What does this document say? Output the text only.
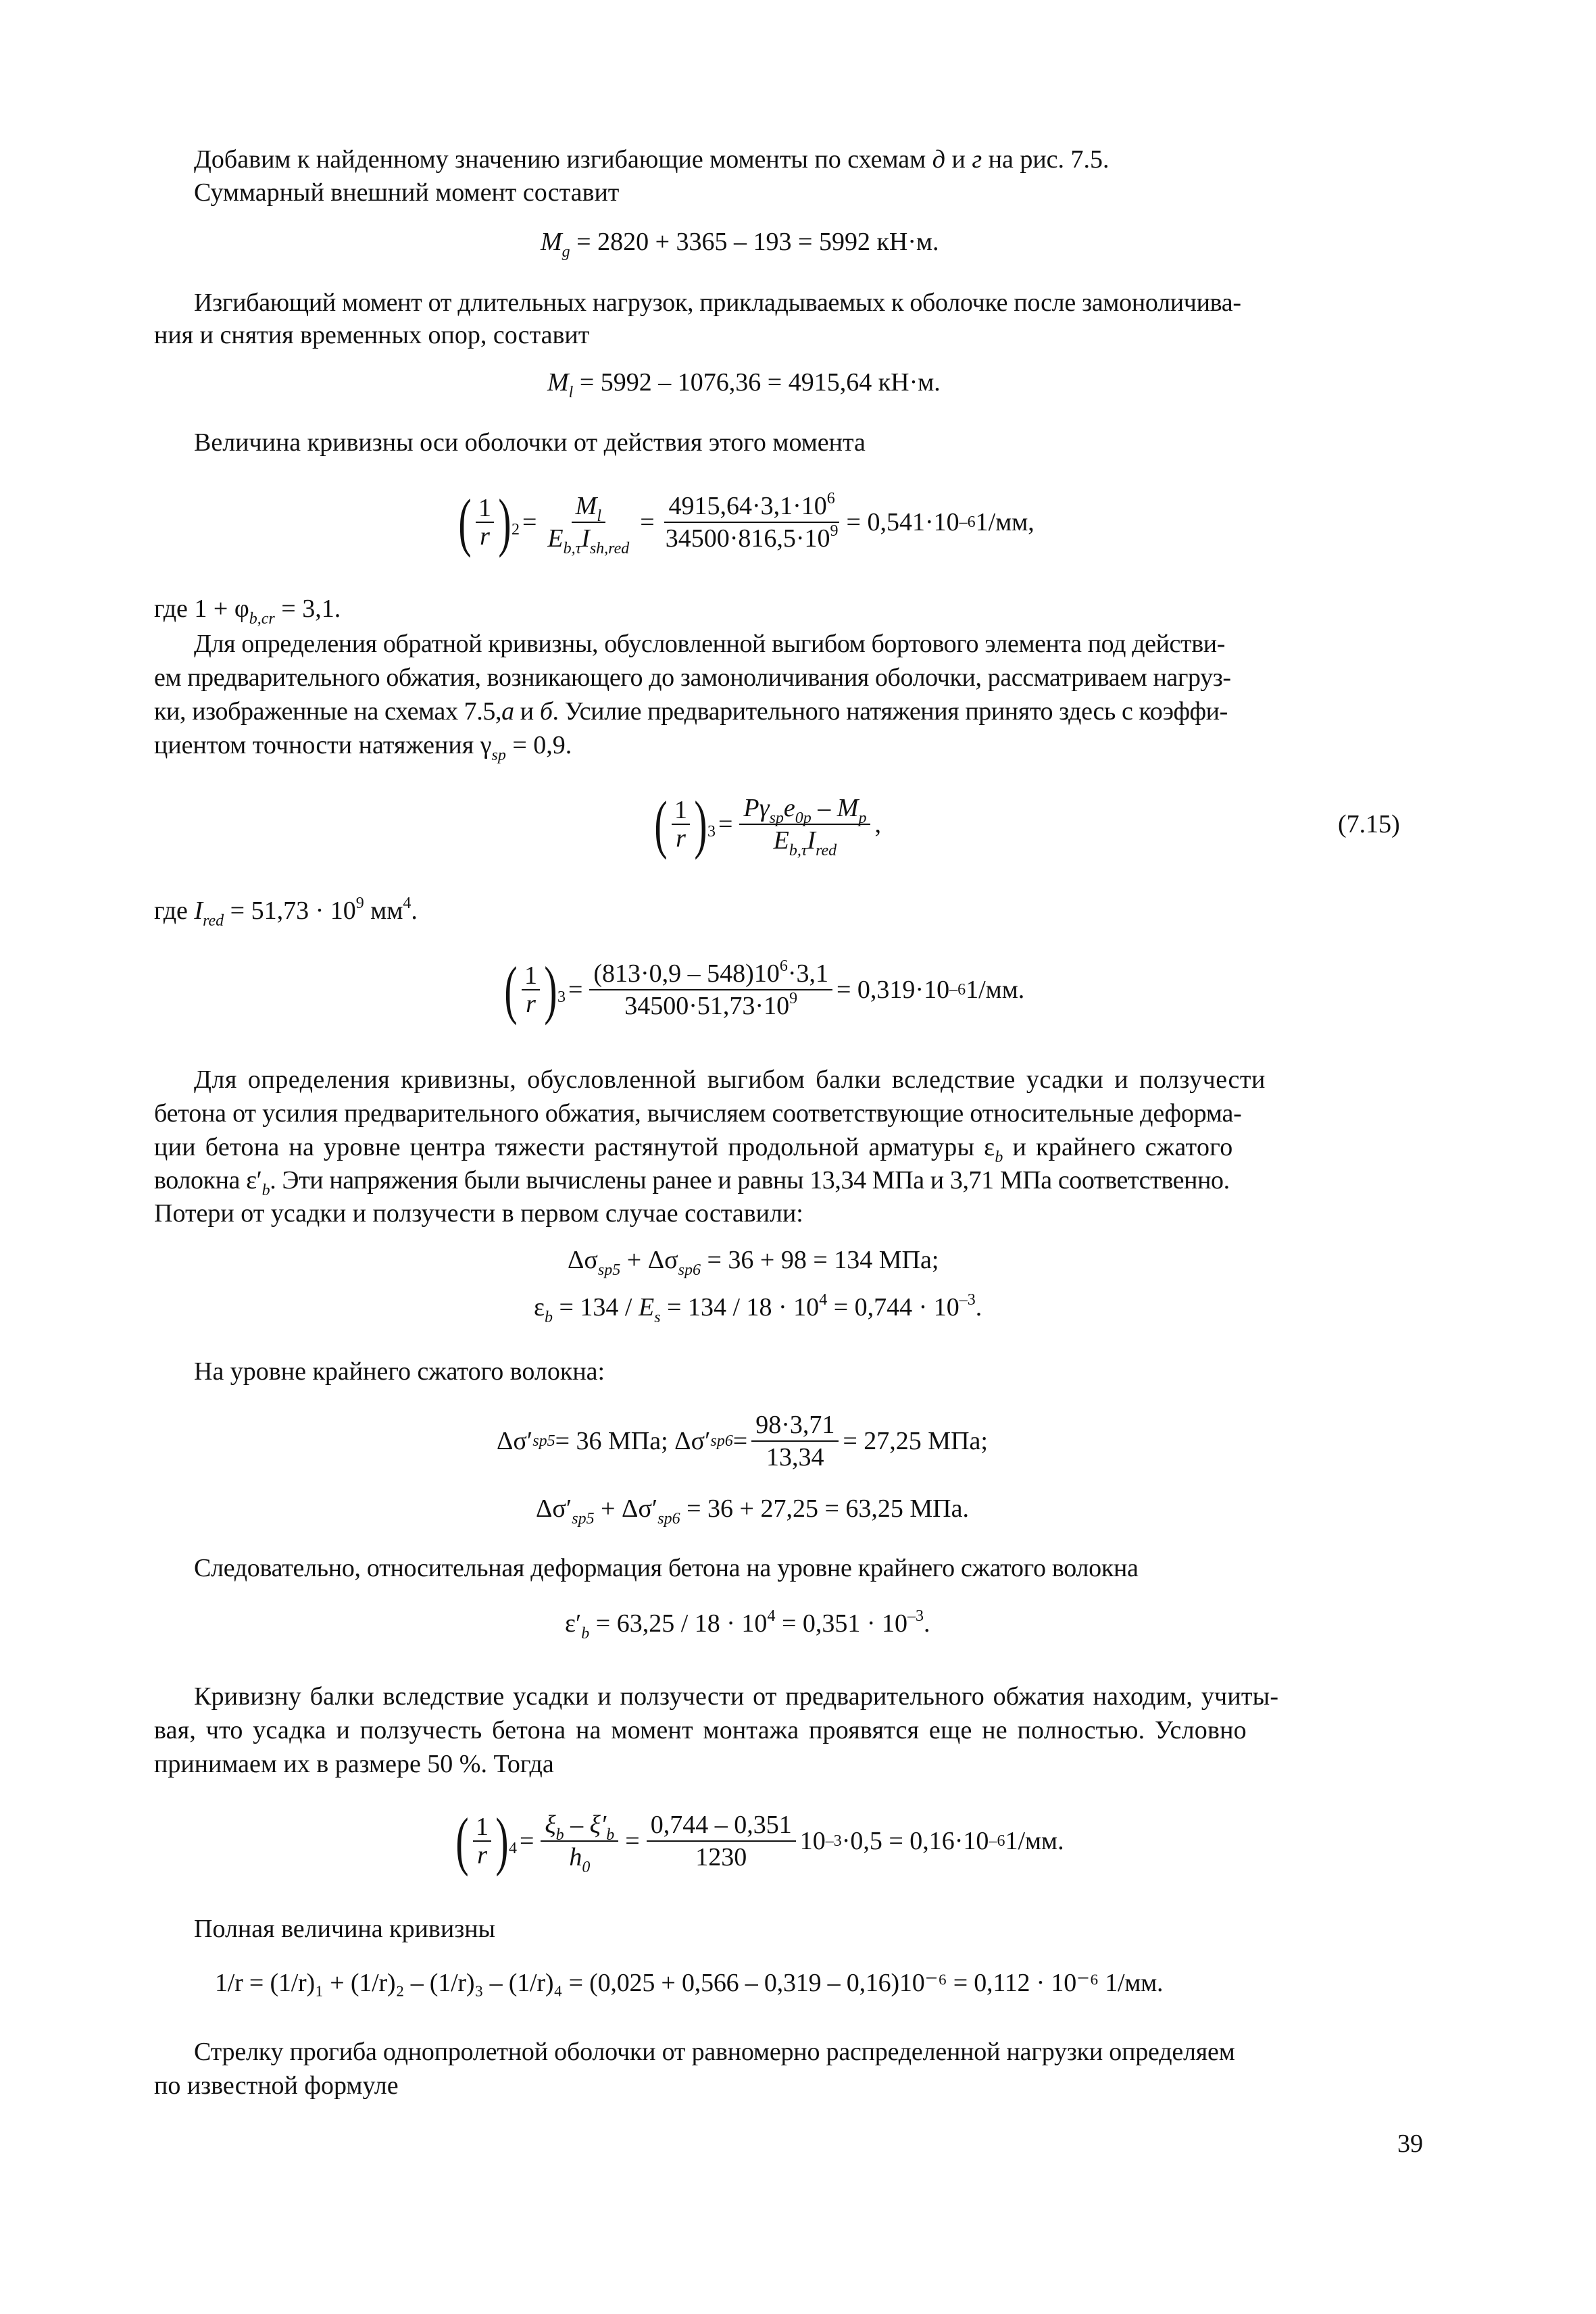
Добавим к найденному значению изгибающие моменты по схемам д и г на рис. 7.5.
Суммарный внешний момент составит
$M_g = 2820 + 3365 - 193 = 5992$ кН·м.
Изгибающий момент от длительных нагрузок, прикладываемых к оболочке после замоноличива-
ния и снятия временных опор, составит
$M_l = 5992 - 1076,36 = 4915,64$ кН·м.
Величина кривизны оси оболочки от действия этого момента
( $\frac{1}{r}$ ) $2 = \frac{M_l}{E_{b,\tau}I_{sh,red}} = \frac{4915,64\cdot 3,1\cdot 10^6}{34500\cdot 816,5\cdot 10^9} = 0,541\cdot 10$ –6 1/мм,
где $1 + \varphi_{b,cr} = 3,1$.
Для определения обратной кривизны, обусловленной выгибом бортового элемента под действи-
ем предварительного обжатия, возникающего до замоноличивания оболочки, рассматриваем нагруз-
ки, изображенные на схемах 7.5,а и б. Усилие предварительного натяжения принято здесь с коэффи-
циентом точности натяжения $\gamma_{sp} = 0,9$.
( $\frac{1}{r}$ ) $3 = \frac{P\gamma_{sp}e_{0p} - M_p}{E_{b,\tau}I_{red}}$ ,	(7.15)
где $I_{red} = 51,73 \cdot 10^9$ $мм^4$.
( $\frac{1}{r}$ ) $3 = \frac{(813\cdot 0,9 - 548)10^6\cdot 3,1}{34500\cdot 51,73\cdot 10^9} = 0,319\cdot 10$ –6 1/мм.
Для определения кривизны, обусловленной выгибом балки вследствие усадки и ползучести
бетона от усилия предварительного обжатия, вычисляем соответствующие относительные деформа-
ции бетона на уровне центра тяжести растянутой продольной арматуры $\varepsilon_b$ и крайнего сжатого
волокна $\varepsilon'_b$. Эти напряжения были вычислены ранее и равны 13,34 МПа и 3,71 МПа соответственно.
Потери от усадки и ползучести в первом случае составили:
$\Delta\sigma_{sp5} + \Delta\sigma_{sp6} = 36 + 98 = 134$ МПа;
$\varepsilon_b = 134 / E_s = 134 / 18 \cdot 10^4 = 0,744 \cdot 10^{-3}$.
На уровне крайнего сжатого волокна:
Δσ′ sp5 = 36 МПа; Δσ′ $sp6 = \frac{98\cdot 3,71}{13,34} = 27,25$ МПа;
$\Delta\sigma'_{sp5} + \Delta\sigma'_{sp6} = 36 + 27,25 = 63,25$ МПа.
Следовательно, относительная деформация бетона на уровне крайнего сжатого волокна
$\varepsilon'_b = 63,25 / 18 \cdot 10^4 = 0,351 \cdot 10^{-3}$.
Кривизну балки вследствие усадки и ползучести от предварительного обжатия находим, учиты-
вая, что усадка и ползучесть бетона на момент монтажа проявятся еще не полностью. Условно
принимаем их в размере 50 %. Тогда
( $\frac{1}{r}$ ) $4 = \frac{\xi_b - \xi'_b}{h_0} = \frac{0,744 - 0,351}{1230} 10$ –3 ·0,5 = 0,16·10 –6 1/мм.
Полная величина кривизны
1/r = (1/r)₁ + (1/r)₂ – (1/r)₃ – (1/r)₄ = (0,025 + 0,566 – 0,319 – 0,16)10⁻⁶ = 0,112 · 10⁻⁶ 1/мм.
Стрелку прогиба однопролетной оболочки от равномерно распределенной нагрузки определяем
по известной формуле
39
